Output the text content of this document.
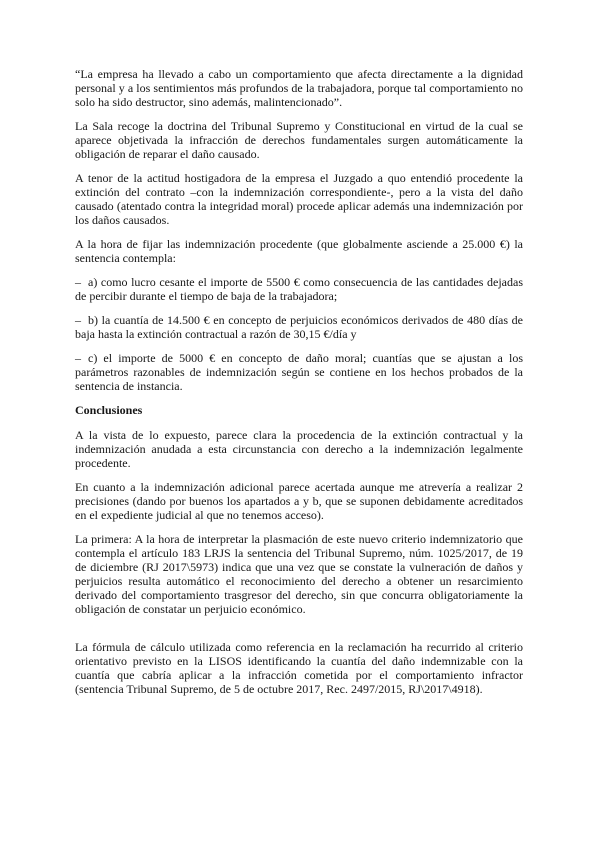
“La empresa ha llevado a cabo un comportamiento que afecta directamente a la dignidad personal y a los sentimientos más profundos de la trabajadora, porque tal comportamiento no solo ha sido destructor, sino además, malintencionado”.

La Sala recoge la doctrina del Tribunal Supremo y Constitucional en virtud de la cual se aparece objetivada la infracción de derechos fundamentales surgen automáticamente la obligación de reparar el daño causado.

A tenor de la actitud hostigadora de la empresa el Juzgado a quo entendió procedente la extinción del contrato –con la indemnización correspondiente-, pero a la vista del daño causado (atentado contra la integridad moral) procede aplicar además una indemnización por los daños causados.

A la hora de fijar las indemnización procedente (que globalmente asciende a 25.000 €) la sentencia contempla:

– a) como lucro cesante el importe de 5500 € como consecuencia de las cantidades dejadas de percibir durante el tiempo de baja de la trabajadora;

– b) la cuantía de 14.500 € en concepto de perjuicios económicos derivados de 480 días de baja hasta la extinción contractual a razón de 30,15 €/día y

– c) el importe de 5000 € en concepto de daño moral; cuantías que se ajustan a los parámetros razonables de indemnización según se contiene en los hechos probados de la sentencia de instancia.

Conclusiones

A la vista de lo expuesto, parece clara la procedencia de la extinción contractual y la indemnización anudada a esta circunstancia con derecho a la indemnización legalmente procedente.

En cuanto a la indemnización adicional parece acertada aunque me atrevería a realizar 2 precisiones (dando por buenos los apartados a y b, que se suponen debidamente acreditados en el expediente judicial al que no tenemos acceso).

La primera: A la hora de interpretar la plasmación de este nuevo criterio indemnizatorio que contempla el artículo 183 LRJS la sentencia del Tribunal Supremo, núm. 1025/2017, de 19 de diciembre (RJ 2017\5973) indica que una vez que se constate la vulneración de daños y perjuicios resulta automático el reconocimiento del derecho a obtener un resarcimiento derivado del comportamiento trasgresor del derecho, sin que concurra obligatoriamente la obligación de constatar un perjuicio económico.

La fórmula de cálculo utilizada como referencia en la reclamación ha recurrido al criterio orientativo previsto en la LISOS identificando la cuantía del daño indemnizable con la cuantía que cabría aplicar a la infracción cometida por el comportamiento infractor (sentencia Tribunal Supremo, de 5 de octubre 2017, Rec. 2497/2015, RJ\2017\4918).
